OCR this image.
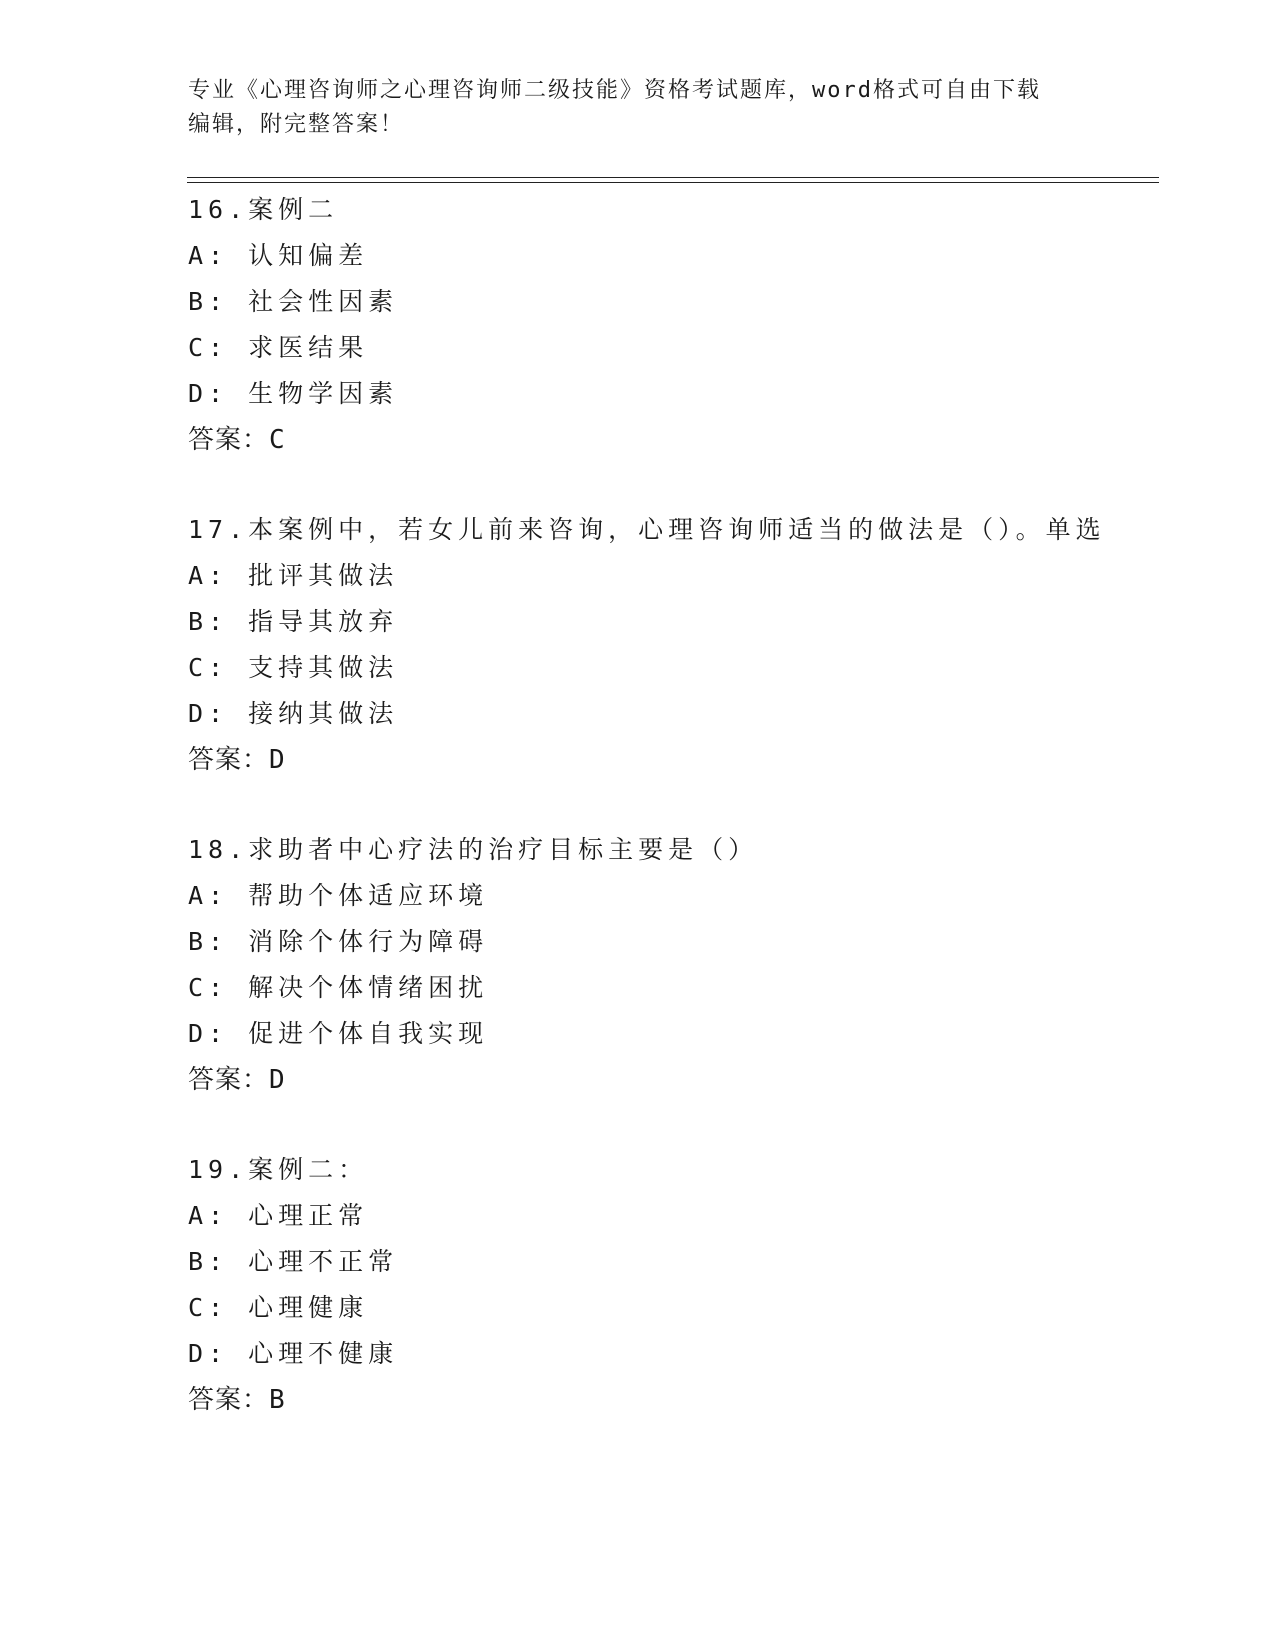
专业《心理咨询师之心理咨询师二级技能》资格考试题库，word格式可自由下载
编辑，附完整答案！
16.案例二
A: 认知偏差
B: 社会性因素
C: 求医结果
D: 生物学因素
答案：C
17.本案例中，若女儿前来咨询，心理咨询师适当的做法是（）。单选
A: 批评其做法
B: 指导其放弃
C: 支持其做法
D: 接纳其做法
答案：D
18.求助者中心疗法的治疗目标主要是（）
A: 帮助个体适应环境
B: 消除个体行为障碍
C: 解决个体情绪困扰
D: 促进个体自我实现
答案：D
19.案例二：
A: 心理正常
B: 心理不正常
C: 心理健康
D: 心理不健康
答案：B
